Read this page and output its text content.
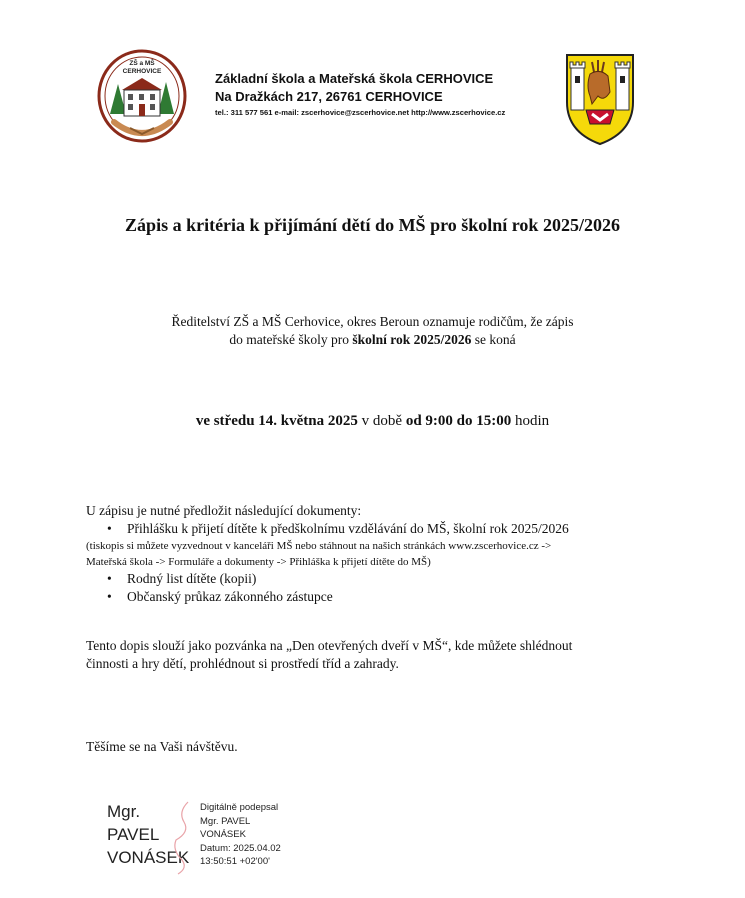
ZŠ a MŠ
CERHOVICE	Základní škola a Mateřská škola CERHOVICE
Na Dražkách 217, 26761 CERHOVICE
tel.: 311 577 561 e-mail: zscerhovice@zscerhovice.net http://www.zscerhovice.cz
Zápis a kritéria k přijímání dětí do MŠ pro školní rok 2025/2026
Ředitelství ZŠ a MŠ Cerhovice, okres Beroun oznamuje rodičům, že zápis
do mateřské školy pro školní rok 2025/2026 se koná
ve středu 14. května 2025 v době od 9:00 do 15:00 hodin
U zápisu je nutné předložit následující dokumenty:
• Přihlášku k přijetí dítěte k předškolnímu vzdělávání do MŠ, školní rok 2025/2026
(tiskopis si můžete vyzvednout v kanceláři MŠ nebo stáhnout na našich stránkách www.zscerhovice.cz ->
Mateřská škola -> Formuláře a dokumenty -> Přihláška k přijetí dítěte do MŠ)
• Rodný list dítěte (kopii)
• Občanský průkaz zákonného zástupce
Tento dopis slouží jako pozvánka na „Den otevřených dveří v MŠ“, kde můžete shlédnout
činnosti a hry dětí, prohlédnout si prostředí tříd a zahrady.
Těšíme se na Vaši návštěvu.
Mgr.
PAVEL
VONÁSEK
Digitálně podepsal
Mgr. PAVEL
VONÁSEK
Datum: 2025.04.02
13:50:51 +02'00'
